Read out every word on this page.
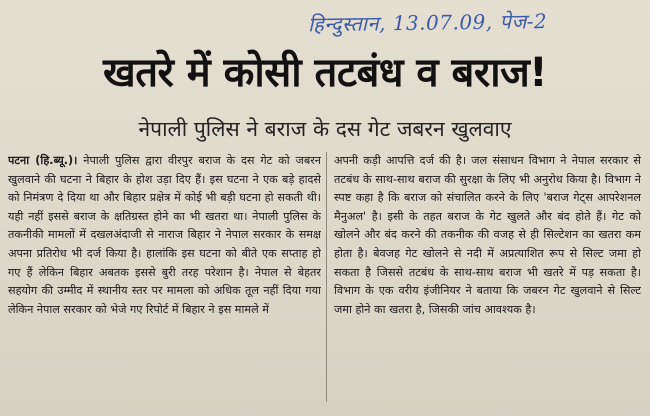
हिन्दुस्तान, 13.07.09, पेज-2
खतरे में कोसी तटबंध व बराज!
नेपाली पुलिस ने बराज के दस गेट जबरन खुलवाए
पटना (हि.ब्यू.)। नेपाली पुलिस द्वारा वीरपुर बराज के दस गेट को जबरन खुलवाने की घटना ने बिहार के होश उड़ा दिए हैं। इस घटना ने एक बड़े हादसे को निमंत्रण दे दिया था और बिहार प्रक्षेत्र में कोई भी बड़ी घटना हो सकती थी। यही नहीं इससे बराज के क्षतिग्रस्त होने का भी खतरा था। नेपाली पुलिस के तकनीकी मामलों में दखलअंदाजी से नाराज बिहार ने नेपाल सरकार के समक्ष अपना प्रतिरोध भी दर्ज किया है। हालांकि इस घटना को बीते एक सप्ताह हो गए हैं लेकिन बिहार अबतक इससे बुरी तरह परेशान है। नेपाल से बेहतर सहयोग की उम्मीद में स्थानीय स्तर पर मामला को अधिक तूल नहीं दिया गया लेकिन नेपाल सरकार को भेजे गए रिपोर्ट में बिहार ने इस मामले में
अपनी कड़ी आपत्ति दर्ज की है। जल संसाधन विभाग ने नेपाल सरकार से तटबंध के साथ-साथ बराज की सुरक्षा के लिए भी अनुरोध किया है। विभाग ने स्पष्ट कहा है कि बराज को संचालित करने के लिए 'बराज गेट्स आपरेशनल मैनुअल' है। इसी के तहत बराज के गेट खुलते और बंद होते हैं। गेट को खोलने और बंद करने की तकनीक की वजह से ही सिल्टेशन का खतरा कम होता है। बेवजह गेट खोलने से नदी में अप्रत्याशित रूप से सिल्ट जमा हो सकता है जिससे तटबंध के साथ-साथ बराज भी खतरे में पड़ सकता है। विभाग के एक वरीय इंजीनियर ने बताया कि जबरन गेट खुलवाने से सिल्ट जमा होने का खतरा है, जिसकी जांच आवश्यक है।
